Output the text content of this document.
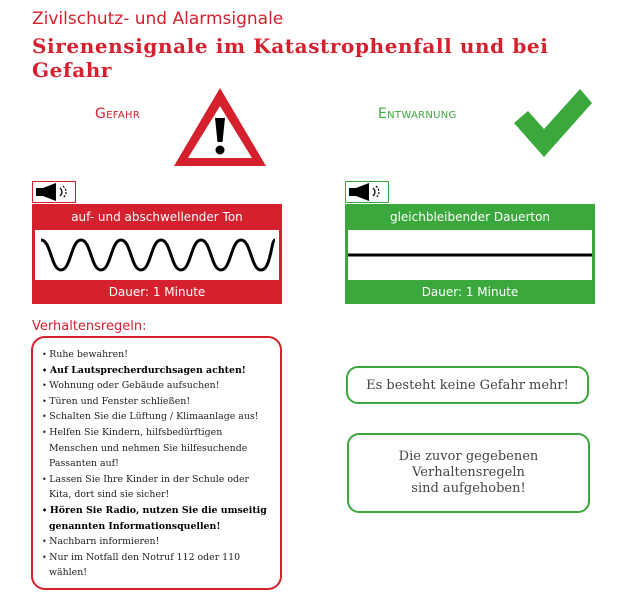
Zivilschutz- und Alarmsignale
Sirenensignale im Katastrophenfall und bei Gefahr
Gefahr
auf- und abschwellender Ton
Dauer: 1 Minute
Entwarnung
gleichbleibender Dauerton
Dauer: 1 Minute
Verhaltensregeln:
• Ruhe bewahren!
• Auf Lautsprecherdurchsagen achten!
• Wohnung oder Gebäude aufsuchen!
• Türen und Fenster schließen!
• Schalten Sie die Lüftung / Klimaanlage aus!
• Helfen Sie Kindern, hilfsbedürftigen Menschen und nehmen Sie hilfesuchende Passanten auf!
• Lassen Sie Ihre Kinder in der Schule oder Kita, dort sind sie sicher!
• Hören Sie Radio, nutzen Sie die umseitig genannten Informationsquellen!
• Nachbarn informieren!
• Nur im Notfall den Notruf 112 oder 110 wählen!
Es besteht keine Gefahr mehr!
Die zuvor gegebenen
Verhaltensregeln
sind aufgehoben!
